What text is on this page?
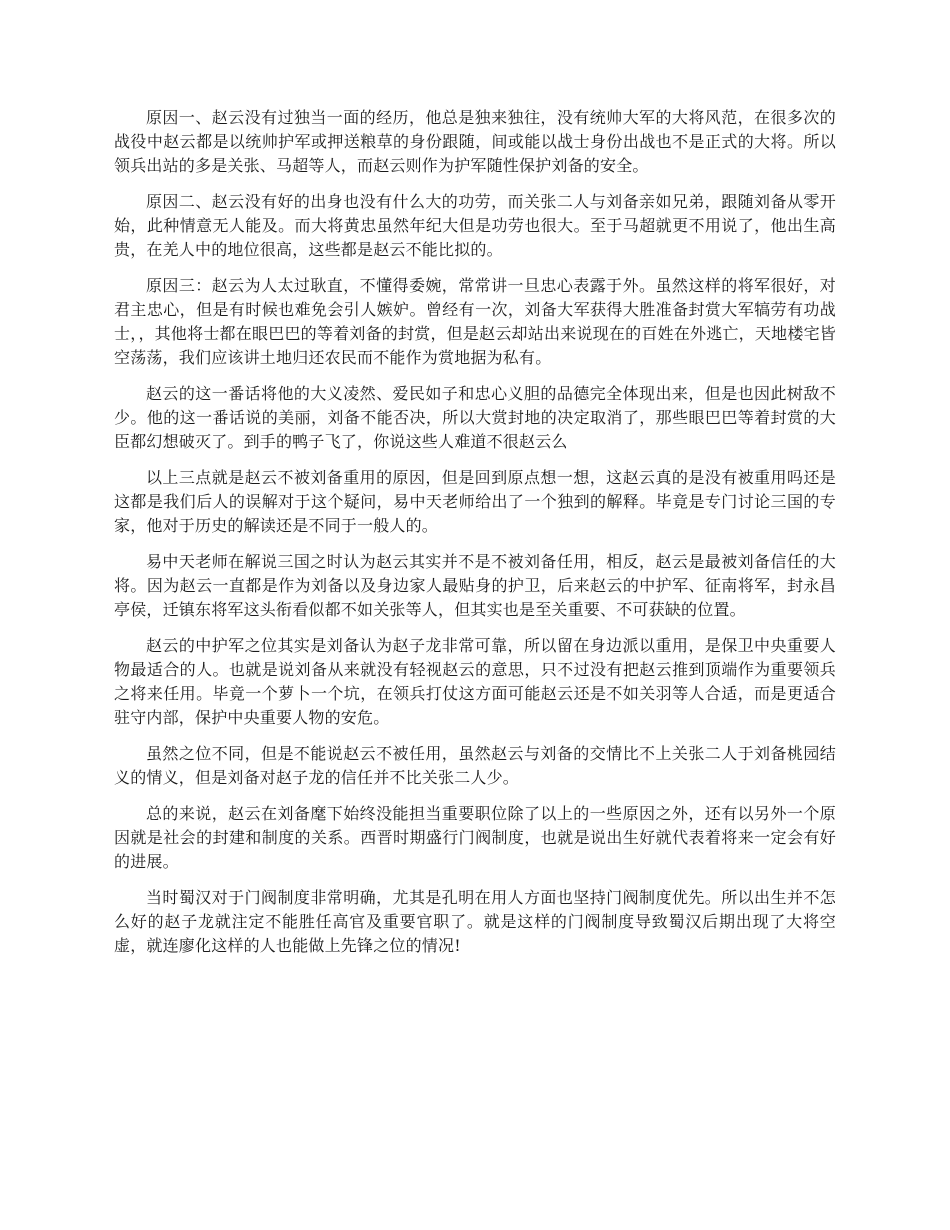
原因一、赵云没有过独当一面的经历，他总是独来独往，没有统帅大军的大将风范，在很多次的战役中赵云都是以统帅护军或押送粮草的身份跟随，间或能以战士身份出战也不是正式的大将。所以领兵出站的多是关张、马超等人，而赵云则作为护军随性保护刘备的安全。

原因二、赵云没有好的出身也没有什么大的功劳，而关张二人与刘备亲如兄弟，跟随刘备从零开始，此种情意无人能及。而大将黄忠虽然年纪大但是功劳也很大。至于马超就更不用说了，他出生高贵，在羌人中的地位很高，这些都是赵云不能比拟的。

原因三：赵云为人太过耿直，不懂得委婉，常常讲一旦忠心表露于外。虽然这样的将军很好，对君主忠心，但是有时候也难免会引人嫉妒。曾经有一次，刘备大军获得大胜准备封赏大军犒劳有功战士，，其他将士都在眼巴巴的等着刘备的封赏，但是赵云却站出来说现在的百姓在外逃亡，天地楼宅皆空荡荡，我们应该讲土地归还农民而不能作为赏地据为私有。

赵云的这一番话将他的大义凌然、爱民如子和忠心义胆的品德完全体现出来，但是也因此树敌不少。他的这一番话说的美丽，刘备不能否决，所以大赏封地的决定取消了，那些眼巴巴等着封赏的大臣都幻想破灭了。到手的鸭子飞了，你说这些人难道不很赵云么

以上三点就是赵云不被刘备重用的原因，但是回到原点想一想，这赵云真的是没有被重用吗还是这都是我们后人的误解对于这个疑问，易中天老师给出了一个独到的解释。毕竟是专门讨论三国的专家，他对于历史的解读还是不同于一般人的。

易中天老师在解说三国之时认为赵云其实并不是不被刘备任用，相反，赵云是最被刘备信任的大将。因为赵云一直都是作为刘备以及身边家人最贴身的护卫，后来赵云的中护军、征南将军，封永昌亭侯，迁镇东将军这头衔看似都不如关张等人，但其实也是至关重要、不可获缺的位置。

赵云的中护军之位其实是刘备认为赵子龙非常可靠，所以留在身边派以重用，是保卫中央重要人物最适合的人。也就是说刘备从来就没有轻视赵云的意思，只不过没有把赵云推到顶端作为重要领兵之将来任用。毕竟一个萝卜一个坑，在领兵打仗这方面可能赵云还是不如关羽等人合适，而是更适合驻守内部，保护中央重要人物的安危。

虽然之位不同，但是不能说赵云不被任用，虽然赵云与刘备的交情比不上关张二人于刘备桃园结义的情义，但是刘备对赵子龙的信任并不比关张二人少。

总的来说，赵云在刘备麾下始终没能担当重要职位除了以上的一些原因之外，还有以另外一个原因就是社会的封建和制度的关系。西晋时期盛行门阀制度，也就是说出生好就代表着将来一定会有好的进展。

当时蜀汉对于门阀制度非常明确，尤其是孔明在用人方面也坚持门阀制度优先。所以出生并不怎么好的赵子龙就注定不能胜任高官及重要官职了。就是这样的门阀制度导致蜀汉后期出现了大将空虚，就连廖化这样的人也能做上先锋之位的情况!
